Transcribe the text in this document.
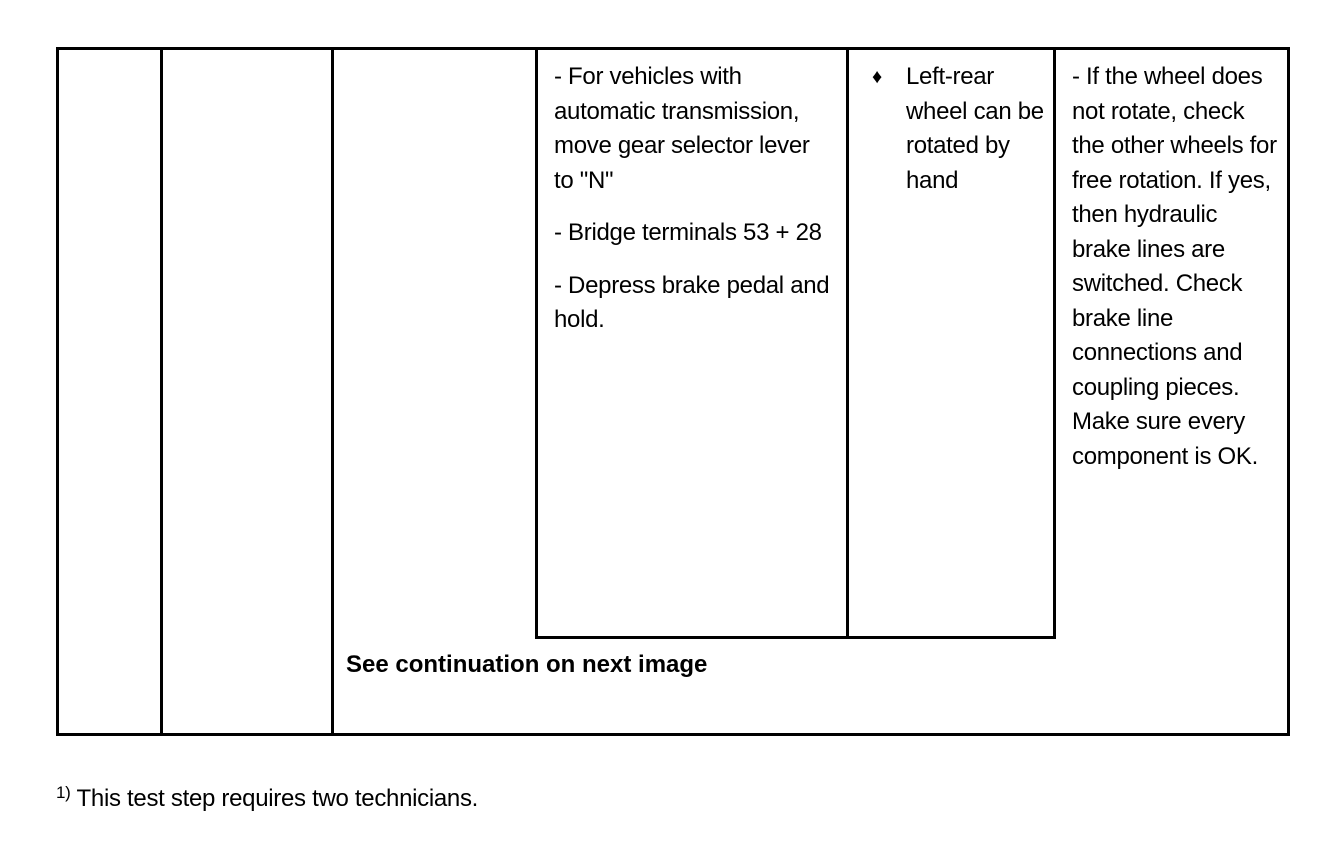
- For vehicles with automatic transmission, move gear selector lever to "N"

- Bridge terminals 53 + 28

- Depress brake pedal and hold.

♦ Left-rear wheel can be rotated by hand
- If the wheel does not rotate, check the other wheels for free rotation. If yes, then hydraulic brake lines are switched. Check brake line connections and coupling pieces. Make sure every component is OK.
See continuation on next image
$^{1)}$ This test step requires two technicians.
